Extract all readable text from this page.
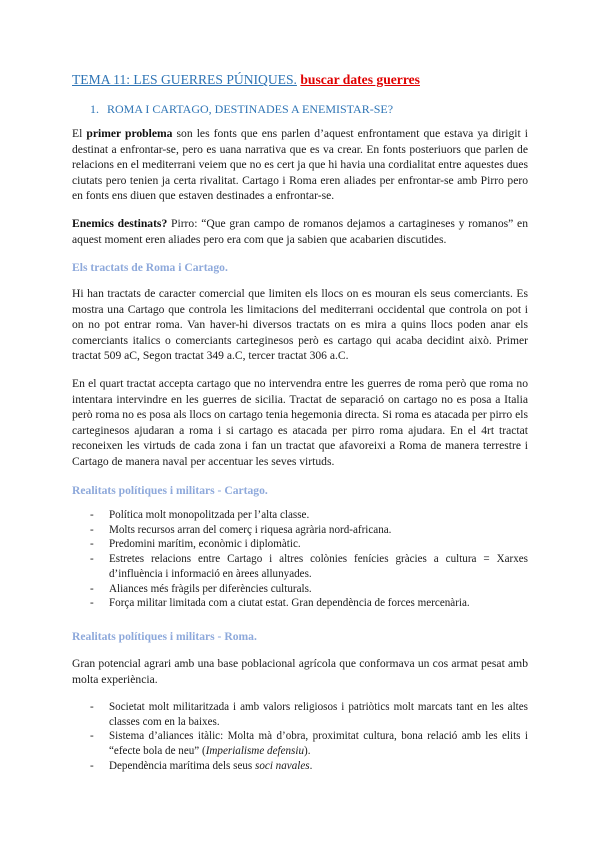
TEMA 11: LES GUERRES PÚNIQUES. buscar dates guerres
1. ROMA I CARTAGO, DESTINADES A ENEMISTAR-SE?

El primer problema son les fonts que ens parlen d’aquest enfrontament que estava ya dirigit i destinat a enfrontar-se, pero es uana narrativa que es va crear. En fonts posteriuors que parlen de relacions en el mediterrani veiem que no es cert ja que hi havia una cordialitat entre aquestes dues ciutats pero tenien ja certa rivalitat. Cartago i Roma eren aliades per enfrontar-se amb Pirro pero en fonts ens diuen que estaven destinades a enfrontar-se.

Enemics destinats? Pirro: “Que gran campo de romanos dejamos a cartagineses y romanos” en aquest moment eren aliades pero era com que ja sabien que acabarien discutides.

Els tractats de Roma i Cartago.

Hi han tractats de caracter comercial que limiten els llocs on es mouran els seus comerciants. Es mostra una Cartago que controla les limitacions del mediterrani occidental que controla on pot i on no pot entrar roma. Van haver-hi diversos tractats on es mira a quins llocs poden anar els comerciants italics o comerciants carteginesos però es cartago qui acaba decidint això. Primer tractat 509 aC, Segon tractat 349 a.C, tercer tractat 306 a.C.

En el quart tractat accepta cartago que no intervendra entre les guerres de roma però que roma no intentara intervindre en les guerres de sicilia. Tractat de separació on cartago no es posa a Italia però roma no es posa als llocs on cartago tenia hegemonia directa. Si roma es atacada per pirro els carteginesos ajudaran a roma i si cartago es atacada per pirro roma ajudara. En el 4rt tractat reconeixen les virtuds de cada zona i fan un tractat que afavoreixi a Roma de manera terrestre i Cartago de manera naval per accentuar les seves virtuds.

Realitats polítiques i militars - Cartago.
- Política molt monopolitzada per l’alta classe.
- Molts recursos arran del comerç i riquesa agrària nord-africana.
- Predomini marítim, econòmic i diplomàtic.
- Estretes relacions entre Cartago i altres colònies fenícies gràcies a cultura = Xarxes d’influència i informació en àrees allunyades.
- Aliances més fràgils per diferències culturals.
- Força militar limitada com a ciutat estat. Gran dependència de forces mercenària.
Realitats polítiques i militars - Roma.

Gran potencial agrari amb una base poblacional agrícola que conformava un cos armat pesat amb molta experiència.

- Societat molt militaritzada i amb valors religiosos i patriòtics molt marcats tant en les altes classes com en la baixes.
- Sistema d’aliances itàlic: Molta mà d’obra, proximitat cultura, bona relació amb les elits i “efecte bola de neu” (Imperialisme defensiu).
- Dependència marítima dels seus soci navales.
